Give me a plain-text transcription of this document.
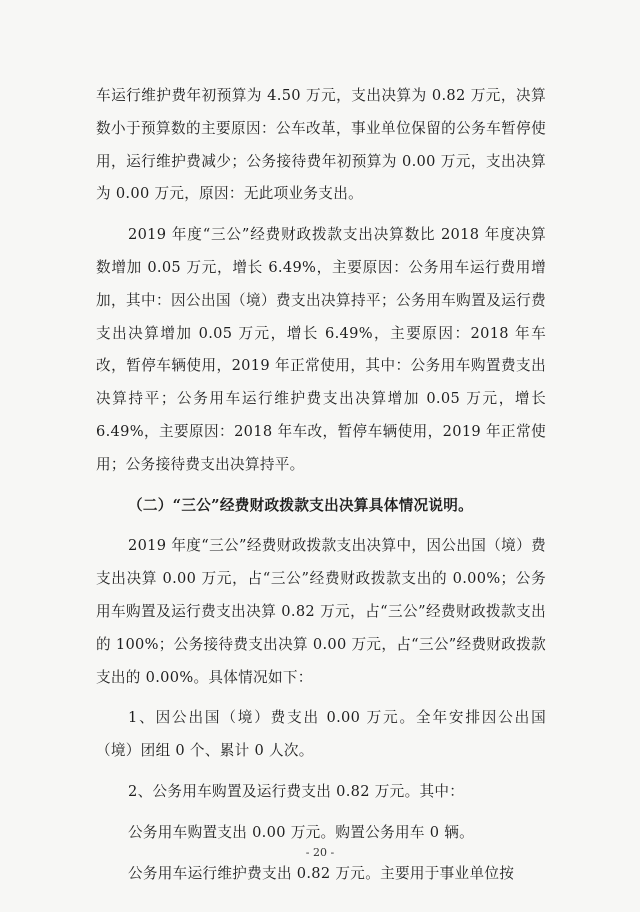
车运行维护费年初预算为 4.50 万元，支出决算为 0.82 万元，决算数小于预算数的主要原因：公车改革，事业单位保留的公务车暂停使用，运行维护费减少；公务接待费年初预算为 0.00 万元，支出决算为 0.00 万元，原因：无此项业务支出。

2019 年度“三公”经费财政拨款支出决算数比 2018 年度决算数增加 0.05 万元，增长 6.49%，主要原因：公务用车运行费用增加，其中：因公出国（境）费支出决算持平；公务用车购置及运行费支出决算增加 0.05 万元，增长 6.49%，主要原因：2018 年车改，暂停车辆使用，2019 年正常使用，其中：公务用车购置费支出决算持平；公务用车运行维护费支出决算增加 0.05 万元，增长 6.49%，主要原因：2018 年车改，暂停车辆使用，2019 年正常使用；公务接待费支出决算持平。

（二）“三公”经费财政拨款支出决算具体情况说明。

2019 年度“三公”经费财政拨款支出决算中，因公出国（境）费支出决算 0.00 万元，占“三公”经费财政拨款支出的 0.00%；公务用车购置及运行费支出决算 0.82 万元，占“三公”经费财政拨款支出的 100%；公务接待费支出决算 0.00 万元，占“三公”经费财政拨款支出的 0.00%。具体情况如下：

1、因公出国（境）费支出 0.00 万元。全年安排因公出国（境）团组 0 个、累计 0 人次。

2、公务用车购置及运行费支出 0.82 万元。其中：

公务用车购置支出 0.00 万元。购置公务用车 0 辆。

公务用车运行维护费支出 0.82 万元。主要用于事业单位按

- 20 -
